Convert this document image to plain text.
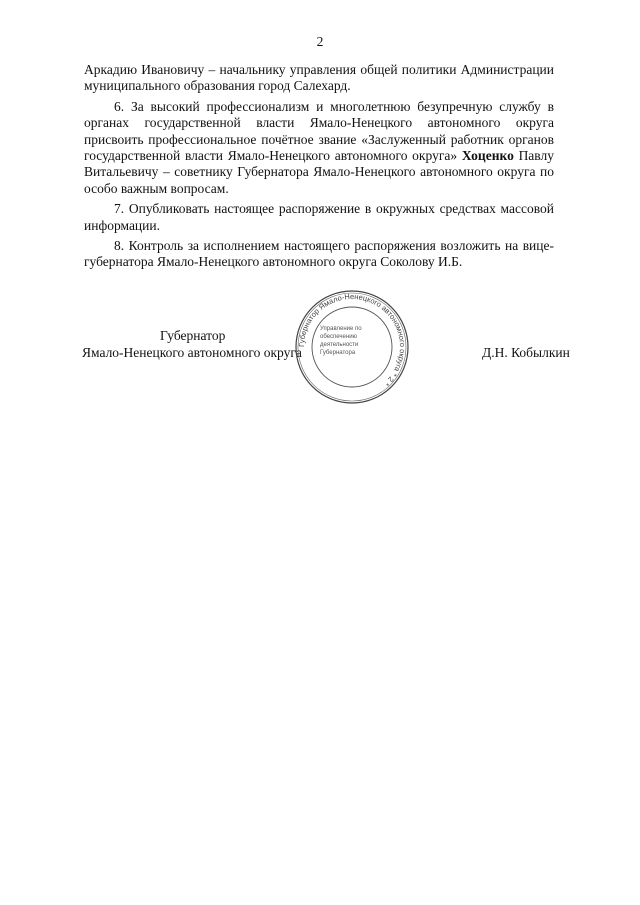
2

Аркадию Ивановичу – начальнику управления общей политики Администрации муниципального образования город Салехард.

6. За высокий профессионализм и многолетнюю безупречную службу в органах государственной власти Ямало-Ненецкого автономного округа присвоить профессиональное почётное звание «Заслуженный работник органов государственной власти Ямало-Ненецкого автономного округа» Хоценко Павлу Витальевичу – советнику Губернатора Ямало-Ненецкого автономного округа по особо важным вопросам.

7. Опубликовать настоящее распоряжение в окружных средствах массовой информации.

8. Контроль за исполнением настоящего распоряжения возложить на вице-губернатора Ямало-Ненецкого автономного округа Соколову И.Б.

Губернатор
Ямало-Ненецкого автономного округа
Губернатор Ямало-Ненецкого автономного округа * 2 *
Управление по
обеспечению
деятельности
Губернатора	Д.Н. Кобылкин
